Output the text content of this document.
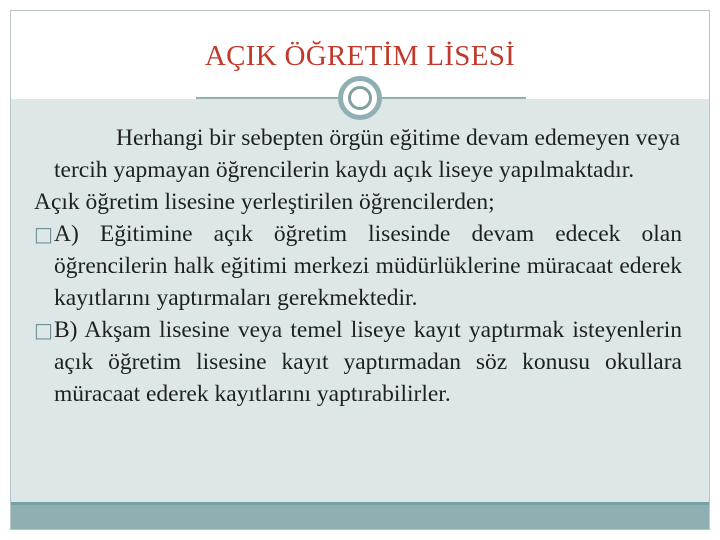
AÇIK ÖĞRETİM LİSESİ

Herhangi bir sebepten örgün eğitime devam edemeyen veya tercih yapmayan öğrencilerin kaydı açık liseye yapılmaktadır.

Açık öğretim lisesine yerleştirilen öğrencilerden;

□A) Eğitimine açık öğretim lisesinde devam edecek olan öğrencilerin halk eğitimi merkezi müdürlüklerine müracaat ederek kayıtlarını yaptırmaları gerekmektedir.

□B) Akşam lisesine veya temel liseye kayıt yaptırmak isteyenlerin açık öğretim lisesine kayıt yaptırmadan söz konusu okullara müracaat ederek kayıtlarını yaptırabilirler.
